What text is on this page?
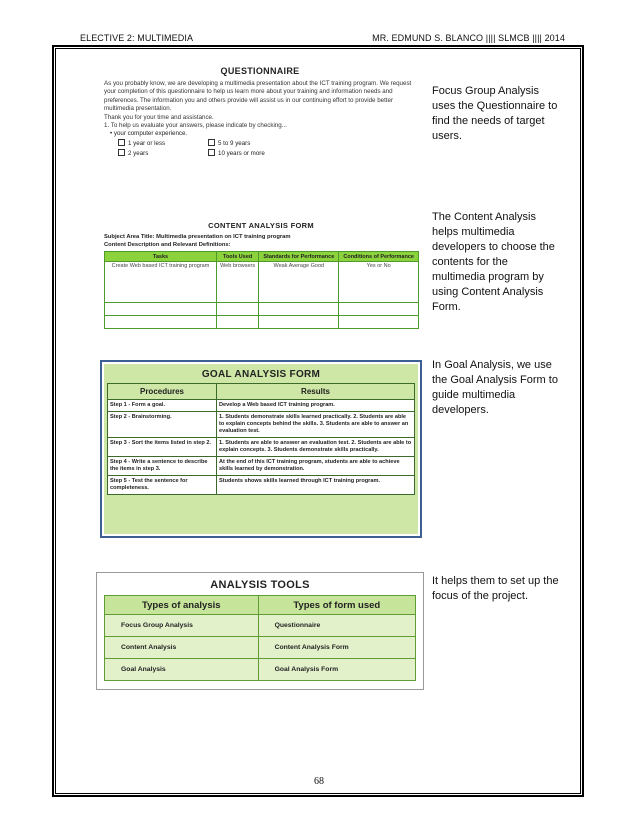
ELECTIVE 2: MULTIMEDIA	MR. EDMUND S. BLANCO |||| SLMCB |||| 2014
QUESTIONNAIRE
As you probably know, we are developing a multimedia presentation about the ICT training program. We request your completion of this questionnaire to help us learn more about your training and information needs and preferences. The information you and others provide will assist us in our continuing effort to provide better multimedia presentation.
Thank you for your time and assistance.
1. To help us evaluate your answers, please indicate by checking...
• your computer experience.
1 year or less	5 to 9 years
2 years	10 years or more
CONTENT ANALYSIS FORM
Subject Area Title: Multimedia presentation on ICT training program
Content Description and Relevant Definitions:
Tasks	Tools Used	Standards for Performance	Conditions of Performance
Create Web based ICT training program	Web browsers	Weak Average Good	Yes or No

GOAL ANALYSIS FORM
Procedures	Results
Step 1 - Form a goal.	Develop a Web based ICT training program.
Step 2 - Brainstorming.	1. Students demonstrate skills learned practically. 2. Students are able to explain concepts behind the skills. 3. Students are able to answer an evaluation test.
Step 3 - Sort the items listed in step 2.	1. Students are able to answer an evaluation test. 2. Students are able to explain concepts. 3. Students demonstrate skills practically.
Step 4 - Write a sentence to describe the items in step 3.	At the end of this ICT training program, students are able to achieve skills learned by demonstration.
Step 5 - Test the sentence for completeness.	Students shows skills learned through ICT training program.
ANALYSIS TOOLS
Types of analysis	Types of form used
Focus Group Analysis	Questionnaire
Content Analysis	Content Analysis Form
Goal Analysis	Goal Analysis Form

Focus Group Analysis uses the Questionnaire to find the needs of target users.

The Content Analysis helps multimedia developers to choose the contents for the multimedia program by using Content Analysis Form.

In Goal Analysis, we use the Goal Analysis Form to guide multimedia developers.

It helps them to set up the focus of the project.

68
